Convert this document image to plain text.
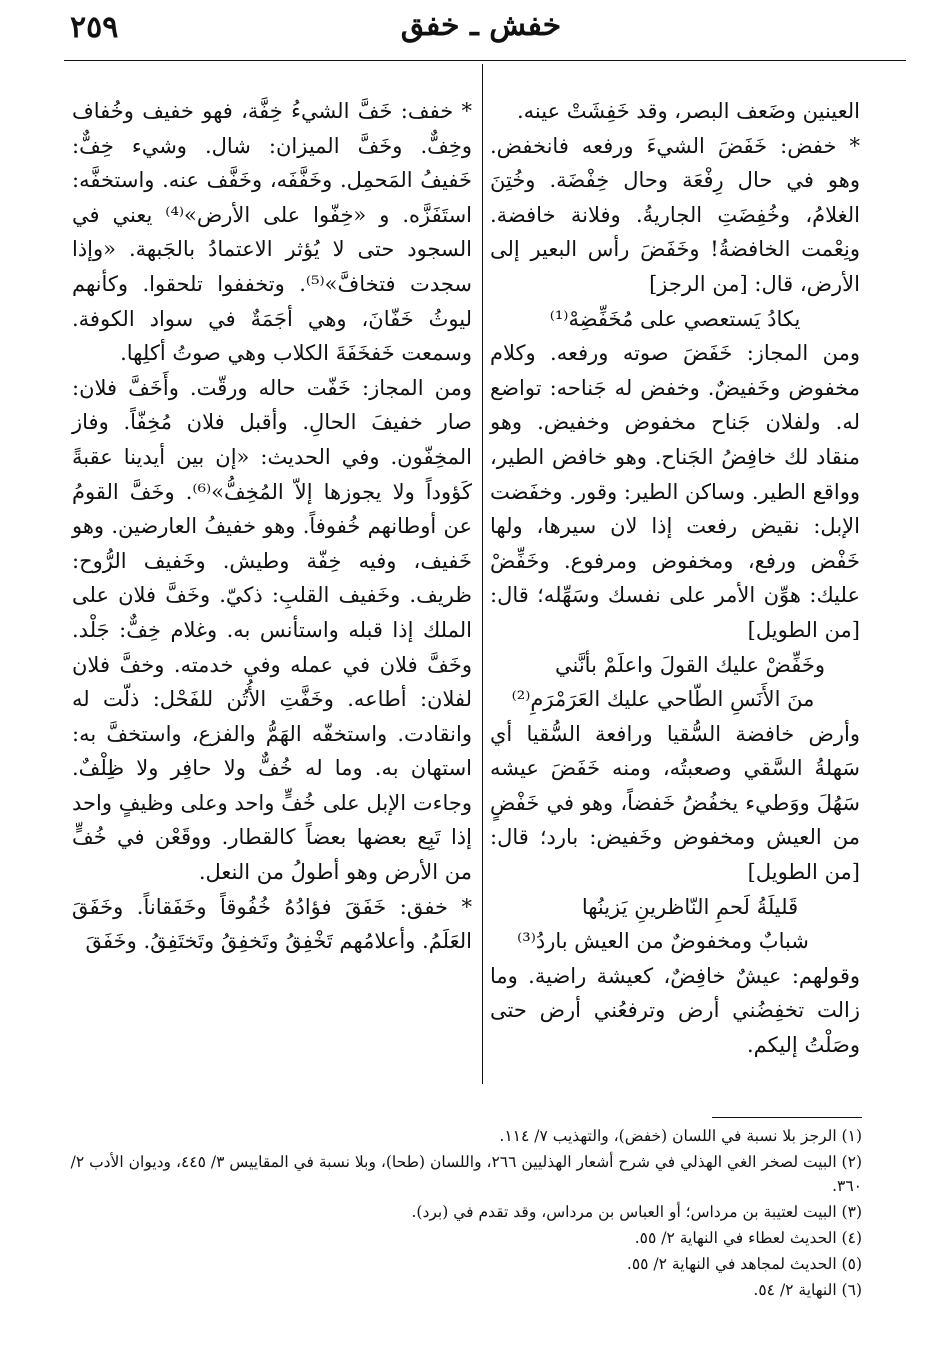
٢٥٩	خفش ـ خفق

العينين وضَعف البصر، وقد خَفِشَتْ عينه.

* خفض: خَفَضَ الشيءَ ورفعه فانخفض. وهو في حال رِفْعَة وحال خِفْضَة. وخُتِنَ الغلامُ، وخُفِضَتِ الجاريةُ. وفلانة خافضة. ونِعْمت الخافضةُ! وخَفَضَ رأس البعير إلى الأرض، قال: [من الرجز]

يكادُ يَستعصي على مُخَفِّضِهْ⁽¹⁾

ومن المجاز: خَفَضَ صوته ورفعه. وكلام مخفوض وخَفيضٌ. وخفض له جَناحه: تواضع له. ولفلان جَناح مخفوض وخفيض. وهو منقاد لك خافِضُ الجَناح. وهو خافض الطير، وواقع الطير. وساكن الطير: وقور. وخفَضت الإبل: نقيض رفعت إذا لان سيرها، ولها خَفْض ورفع، ومخفوض ومرفوع. وخَفِّضْ عليك: هوِّن الأمر على نفسك وسَهِّله؛ قال: [من الطويل]

وخَفِّضْ عليك القولَ واعلَمْ بأنَّني

منَ الأَنَسِ الطّاحي عليك العَرَمْرَمِ⁽²⁾

وأرض خافضة السُّقيا ورافعة السُّقيا أي سَهلةُ السَّقي وصعبتُه، ومنه خَفَضَ عيشه سَهُلَ ووَطيء يخفُضُ خَفضاً، وهو في خَفْضٍ من العيش ومخفوض وخَفيض: بارد؛ قال: [من الطويل]

قَليلَةُ لَحمِ النّاظرينِ يَزينُها

شبابٌ ومخفوضٌ من العيش باردُ⁽³⁾

وقولهم: عيشٌ خافِضٌ، كعيشة راضية. وما زالت تخفِضُني أرض وترفعُني أرض حتى وصَلْتُ إليكم.

* خفف: خَفَّ الشيءُ خِفَّة، فهو خفيف وخُفاف وخِفٌّ. وخَفَّ الميزان: شال. وشيء خِفٌّ: خَفيفُ المَحمِل. وخَفَّفَه، وخَفَّف عنه. واستخفَّه: استَفَزَّه. و «خِفّوا على الأرض»⁽⁴⁾ يعني في السجود حتى لا يُؤثر الاعتمادُ بالجَبهة. «وإذا سجدت فتخافَّ»⁽⁵⁾. وتخففوا تلحقوا. وكأنهم ليوثُ خَفّانَ، وهي أجَمَةٌ في سواد الكوفة. وسمعت خَفخَفَةَ الكلاب وهي صوتُ أكلِها.

ومن المجاز: خَفّت حاله ورقّت. وأَخَفَّ فلان: صار خفيفَ الحالِ. وأقبل فلان مُخِفّاً. وفاز المخِفّون. وفي الحديث: «إن بين أيدينا عقبةً كَؤوداً ولا يجوزها إلاّ المُخِفُّ»⁽⁶⁾. وخَفَّ القومُ عن أوطانهم خُفوفاً. وهو خفيفُ العارضين. وهو خَفيف، وفيه خِفّة وطيش. وخَفيف الرُّوح: ظريف. وخَفيف القلبِ: ذكيّ. وخَفَّ فلان على الملك إذا قبله واستأنس به. وغلام خِفٌّ: جَلْد. وخَفَّ فلان في عمله وفي خدمته. وخفَّ فلان لفلان: أطاعه. وخَفَّتِ الأُتُن للفَحْل: ذلّت له وانقادت. واستخفّه الهَمُّ والفزع، واستخفَّ به: استهان به. وما له خُفٌّ ولا حافِر ولا ظِلْفٌ. وجاءت الإبل على خُفٍّ واحد وعلى وظيفٍ واحد إذا تَبِع بعضها بعضاً كالقطار. ووقَعْن في خُفٍّ من الأرض وهو أطولُ من النعل.

* خفق: خَفَقَ فؤادُهُ خُفُوقاً وخَفَقاناً. وخَفَقَ العَلَمُ. وأعلامُهم تَخْفِقُ وتَخفِقُ وتَختَفِقُ. وخَفَقَ

(١) الرجز بلا نسبة في اللسان (خفض)، والتهذيب ٧/ ١١٤.

(٢) البيت لصخر الغي الهذلي في شرح أشعار الهذليين ٢٦٦، واللسان (طحا)، وبلا نسبة في المقاييس ٣/ ٤٤٥، وديوان الأدب ٢/ ٣٦٠.

(٣) البيت لعتيبة بن مرداس؛ أو العباس بن مرداس، وقد تقدم في (برد).

(٤) الحديث لعطاء في النهاية ٢/ ٥٥.

(٥) الحديث لمجاهد في النهاية ٢/ ٥٥.

(٦) النهاية ٢/ ٥٤.
